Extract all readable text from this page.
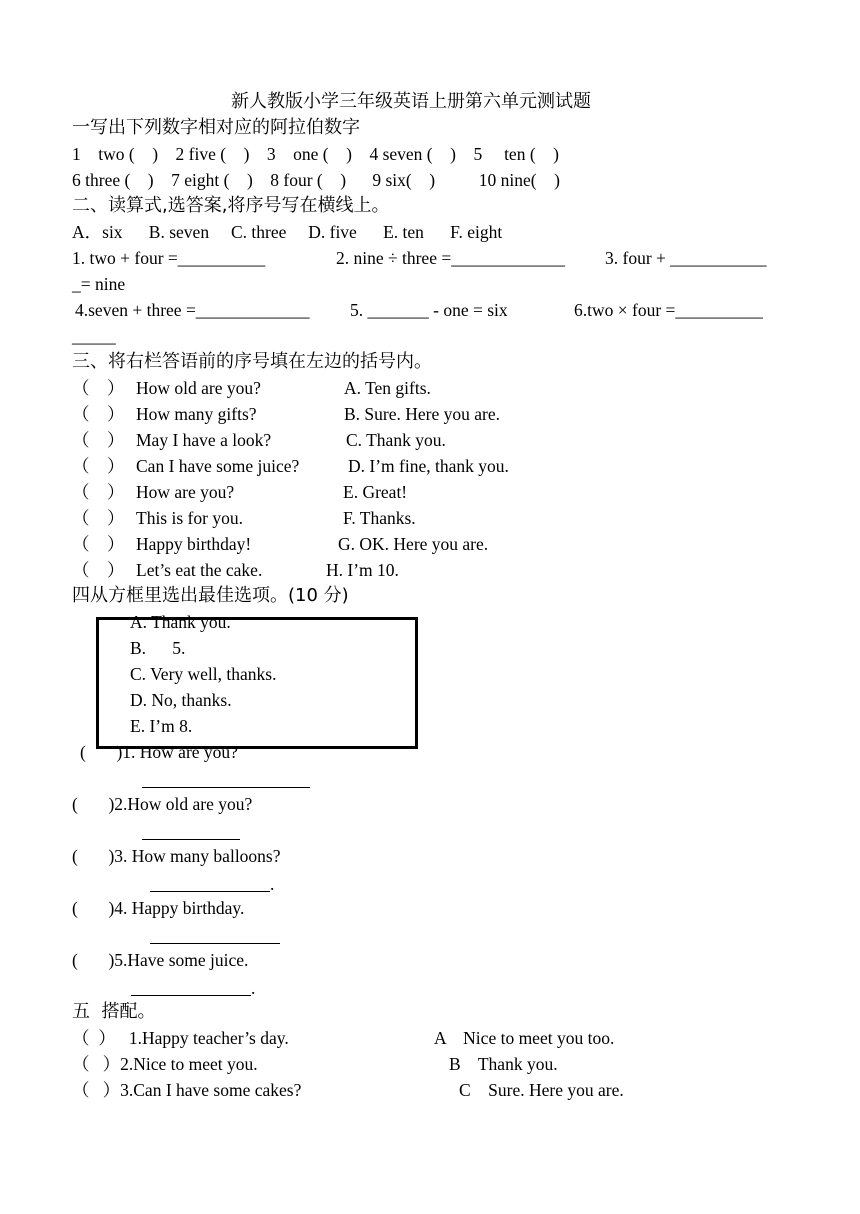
新人教版小学三年级英语上册第六单元测试题
一写出下列数字相对应的阿拉伯数字
1    two (    )    2 five (    )    3    one (    )    4 seven (    )    5     ten (    )
6 three (    )    7 eight (    )    8 four (    )      9 six(    )          10 nine(    )
二、读算式,选答案,将序号写在横线上。
A．six      B. seven     C. three     D. five      E. ten      F. eight
1. two + four =__________	2. nine ÷ three =_____________ 3. four + ___________
_= nine
4.seven + three =_____________ 5. _______ - one = six	6.two × four =__________
_____
三、将右栏答语前的序号填在左边的括号内。
（    ） How old are you?	A. Ten gifts.
（    ） How many gifts?	B. Sure. Here you are.
（    ） May I have a look?	C. Thank you.
（    ） Can I have some juice?	D. I’m fine, thank you.
（    ） How are you?	E. Great!
（    ） This is for you.	F. Thanks.
（    ） Happy birthday!	G. OK. Here you are.
（    ） Let’s eat the cake.	H. I’m 10.
四从方框里选出最佳选项。(10 分)
A. Thank you.
B.      5.
C. Very well, thanks.
D. No, thanks.
E. I’m 8.
(       )1. How are you?
(       )2.How old are you?
(       )3. How many balloons?
.
(       )4. Happy birthday.
(       )5.Have some juice.
.
五  搭配。
（  ）   1.Happy teacher’s day.	A    Nice to meet you too.
（   ）2.Nice to meet you.	B    Thank you.
（   ）3.Can I have some cakes?	C    Sure. Here you are.
